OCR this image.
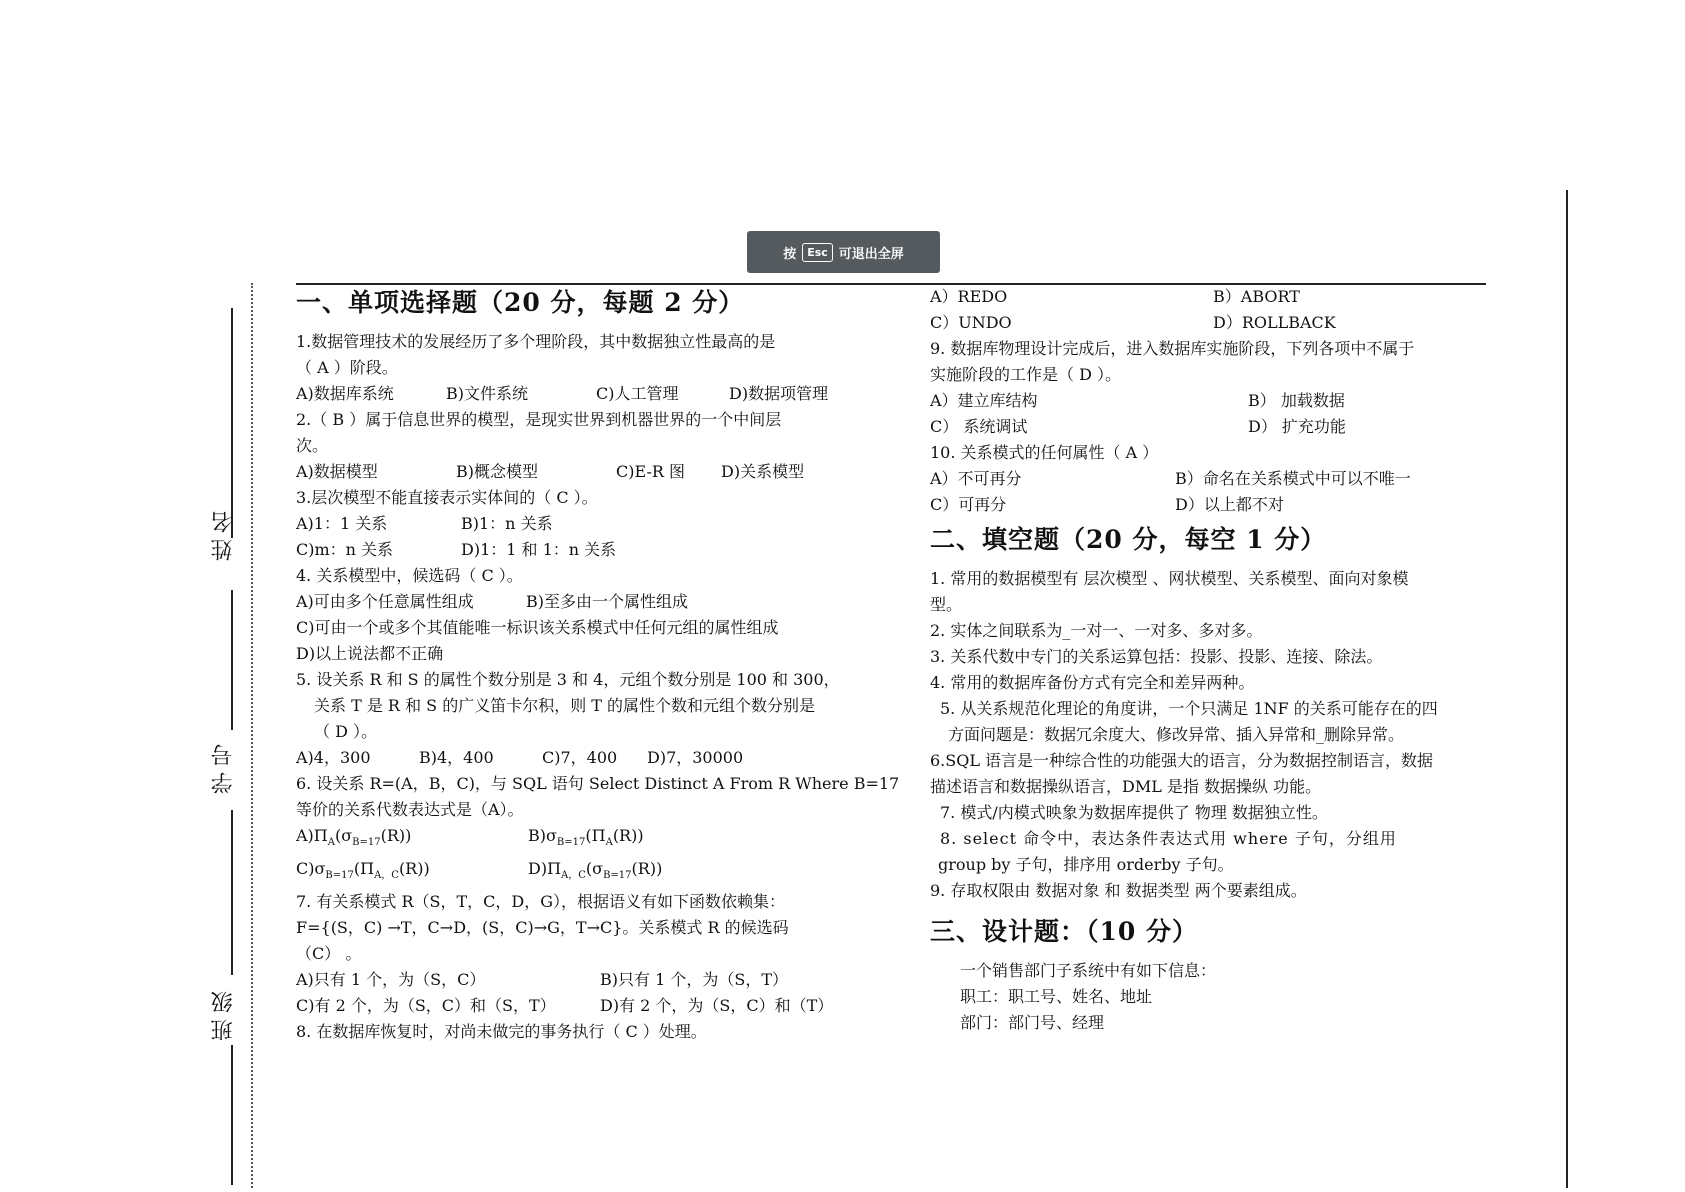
按	Esc 可退出全屏
姓名
学号
班级
一、单项选择题（20 分，每题 2 分）
1.数据管理技术的发展经历了多个理阶段，其中数据独立性最高的是
（ A ）阶段。
A)数据库系统	B)文件系统	C)人工管理	D)数据项管理
2.（ B ）属于信息世界的模型，是现实世界到机器世界的一个中间层
次。
A)数据模型	B)概念模型	C)E-R 图	D)关系模型
3.层次模型不能直接表示实体间的（ C ）。
A)1：1 关系	B)1：n 关系
C)m：n 关系	D)1：1 和 1：n 关系
4. 关系模型中，候选码（ C ）。
A)可由多个任意属性组成	B)至多由一个属性组成
C)可由一个或多个其值能唯一标识该关系模式中任何元组的属性组成
D)以上说法都不正确
5. 设关系 R 和 S 的属性个数分别是 3 和 4，元组个数分别是 100 和 300，
关系 T 是 R 和 S 的广义笛卡尔积，则 T 的属性个数和元组个数分别是
（ D ）。
A)4，300	B)4，400	C)7，400	D)7，30000
6. 设关系 R=(A，B，C)，与 SQL 语句 Select Distinct A From R Where B=17
等价的关系代数表达式是（A）。
$A)\Pi_A(\sigma_{B=17}(R))$	$B)\sigma_{B=17}(\Pi_A(R))$
$C)\sigma_{B=17}(\Pi_{A,C}(R))$	$D)\Pi_{A,C}(\sigma_{B=17}(R))$
7. 有关系模式 R（S，T，C，D，G），根据语义有如下函数依赖集：
F={(S，C) →T，C→D，(S，C)→G，T→C}。关系模式 R 的候选码
（C） 。
A)只有 1 个，为（S，C）	B)只有 1 个，为（S，T）
C)有 2 个，为（S，C）和（S，T）	D)有 2 个，为（S，C）和（T）
8. 在数据库恢复时，对尚未做完的事务执行（ C ）处理。
A）REDO	B）ABORT
C）UNDO	D）ROLLBACK
9. 数据库物理设计完成后，进入数据库实施阶段，下列各项中不属于
实施阶段的工作是（ D ）。
A）建立库结构	B） 加载数据
C） 系统调试	D） 扩充功能
10. 关系模式的任何属性（ A ）
A）不可再分	B）命名在关系模式中可以不唯一
C）可再分	D）以上都不对
二、填空题（20 分，每空 1 分）
1. 常用的数据模型有 层次模型 、网状模型、关系模型、面向对象模
型。
2. 实体之间联系为_一对一、一对多、多对多。
3. 关系代数中专门的关系运算包括：投影、投影、连接、除法。
4. 常用的数据库备份方式有完全和差异两种。
5. 从关系规范化理论的角度讲，一个只满足 1NF 的关系可能存在的四
方面问题是：数据冗余度大、修改异常、插入异常和_删除异常。
6.SQL 语言是一种综合性的功能强大的语言，分为数据控制语言，数据
描述语言和数据操纵语言，DML 是指 数据操纵 功能。
7. 模式/内模式映象为数据库提供了 物理 数据独立性。
8. select 命令中，表达条件表达式用 where 子句，分组用
group by 子句，排序用 orderby 子句。
9. 存取权限由 数据对象 和 数据类型 两个要素组成。
三、设计题：（10 分）
一个销售部门子系统中有如下信息：
职工：职工号、姓名、地址
部门：部门号、经理
